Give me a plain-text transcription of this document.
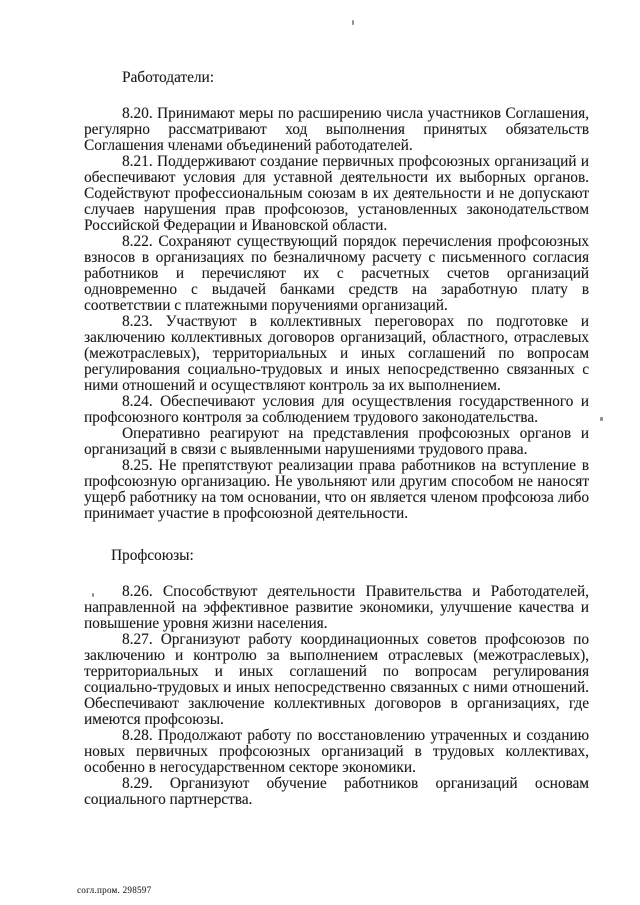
Работодатели:

8.20. Принимают меры по расширению числа участников Соглашения, регулярно рассматривают ход выполнения принятых обязательств Соглашения членами объединений работодателей.

8.21. Поддерживают создание первичных профсоюзных организаций и обеспечивают условия для уставной деятельности их выборных органов. Содействуют профессиональным союзам в их деятельности и не допускают случаев нарушения прав профсоюзов, установленных законодательством Российской Федерации и Ивановской области.

8.22. Сохраняют существующий порядок перечисления профсоюзных взносов в организациях по безналичному расчету с письменного согласия работников и перечисляют их с расчетных счетов организаций одновременно с выдачей банками средств на заработную плату в соответствии с платежными поручениями организаций.

8.23. Участвуют в коллективных переговорах по подготовке и заключению коллективных договоров организаций, областного, отраслевых (межотраслевых), территориальных и иных соглашений по вопросам регулирования социально-трудовых и иных непосредственно связанных с ними отношений и осуществляют контроль за их выполнением.

8.24. Обеспечивают условия для осуществления государственного и профсоюзного контроля за соблюдением трудового законодательства.

Оперативно реагируют на представления профсоюзных органов и организаций в связи с выявленными нарушениями трудового права.

8.25. Не препятствуют реализации права работников на вступление в профсоюзную организацию. Не увольняют или другим способом не наносят ущерб работнику на том основании, что он является членом профсоюза либо принимает участие в профсоюзной деятельности.

Профсоюзы:

8.26. Способствуют деятельности Правительства и Работодателей, направленной на эффективное развитие экономики, улучшение качества и повышение уровня жизни населения.

8.27. Организуют работу координационных советов профсоюзов по заключению и контролю за выполнением отраслевых (межотраслевых), территориальных и иных соглашений по вопросам регулирования социально-трудовых и иных непосредственно связанных с ними отношений. Обеспечивают заключение коллективных договоров в организациях, где имеются профсоюзы.

8.28. Продолжают работу по восстановлению утраченных и созданию новых первичных профсоюзных организаций в трудовых коллективах, особенно в негосударственном секторе экономики.

8.29. Организуют обучение работников организаций основам социального партнерства.

согл.пром. 298597
